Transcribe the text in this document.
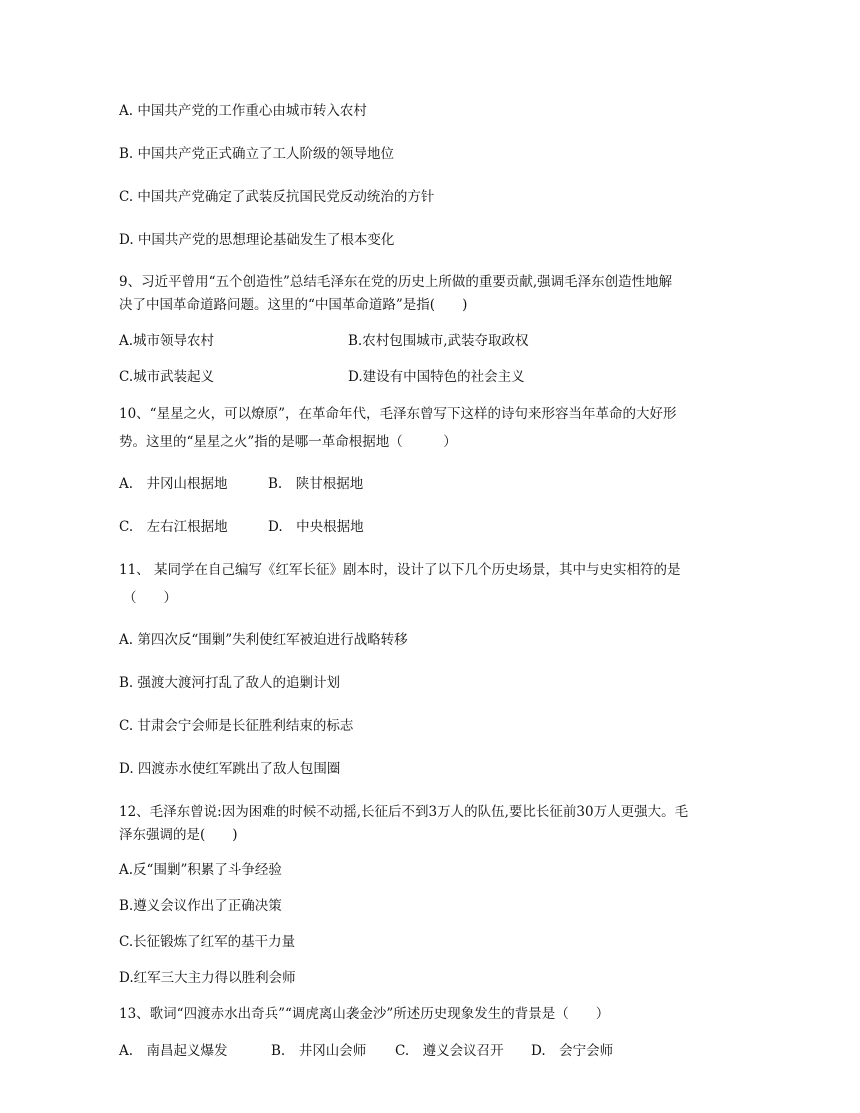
A. 中国共产党的工作重心由城市转入农村
B. 中国共产党正式确立了工人阶级的领导地位
C. 中国共产党确定了武装反抗国民党反动统治的方针
D. 中国共产党的思想理论基础发生了根本变化
9、习近平曾用“五个创造性”总结毛泽东在党的历史上所做的重要贡献,强调毛泽东创造性地解
决了中国革命道路问题。这里的“中国革命道路”是指(　　)
A.城市领导农村	B.农村包围城市,武装夺取政权
C.城市武装起义	D.建设有中国特色的社会主义
10、“星星之火，可以燎原”，在革命年代，毛泽东曾写下这样的诗句来形容当年革命的大好形
势。这里的“星星之火”指的是哪一革命根据地（　　　）
A.　井冈山根据地	B.　陕甘根据地
C.　左右江根据地	D.　中央根据地
11、 某同学在自己编写《红军长征》剧本时，设计了以下几个历史场景，其中与史实相符的是
（　　）
A. 第四次反“围剿”失利使红军被迫进行战略转移
B. 强渡大渡河打乱了敌人的追剿计划
C. 甘肃会宁会师是长征胜利结束的标志
D. 四渡赤水使红军跳出了敌人包围圈
12、毛泽东曾说:因为困难的时候不动摇,长征后不到3万人的队伍,要比长征前30万人更强大。毛
泽东强调的是(　　)
A.反“围剿”积累了斗争经验
B.遵义会议作出了正确决策
C.长征锻炼了红军的基干力量
D.红军三大主力得以胜利会师
13、歌词“四渡赤水出奇兵”“调虎离山袭金沙”所述历史现象发生的背景是（　　）
A.　南昌起义爆发	B.　井冈山会师 C.　遵义会议召开 D.　会宁会师
